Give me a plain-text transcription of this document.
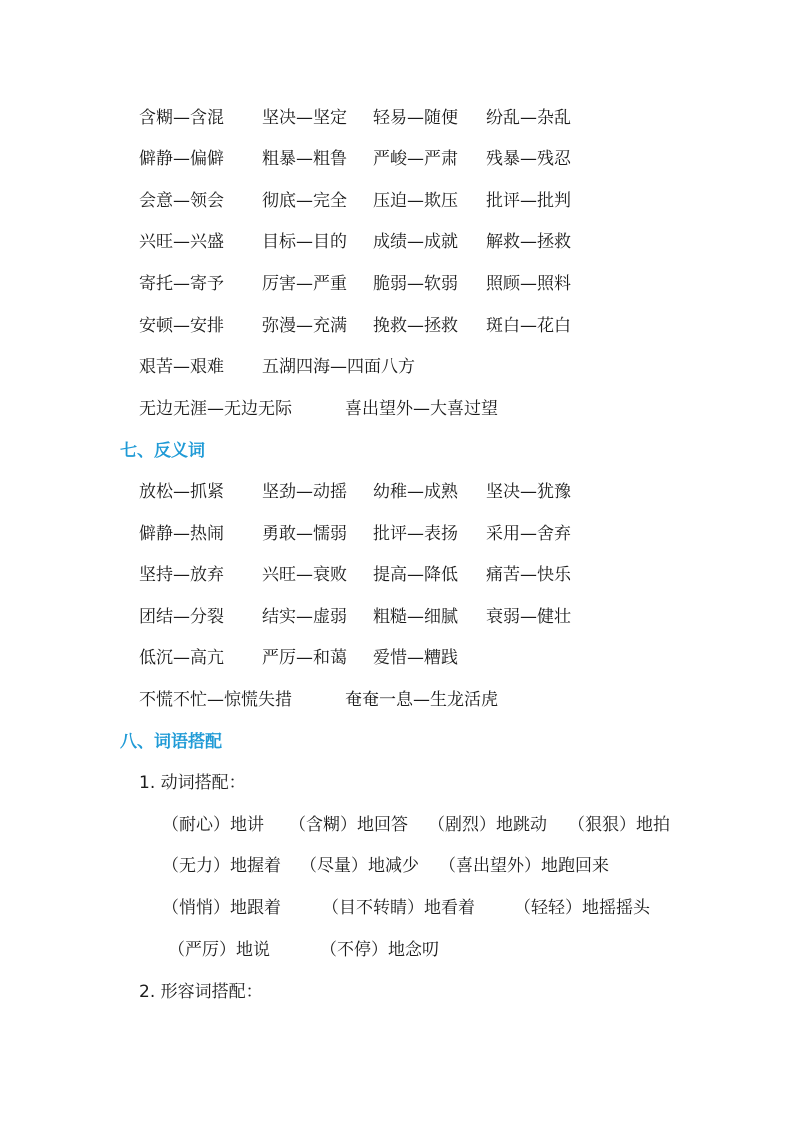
含糊—含混 坚决—坚定 轻易—随便 纷乱—杂乱
僻静—偏僻 粗暴—粗鲁 严峻—严肃 残暴—残忍
会意—领会 彻底—完全 压迫—欺压 批评—批判
兴旺—兴盛 目标—目的 成绩—成就 解救—拯救
寄托—寄予 厉害—严重 脆弱—软弱 照顾—照料
安顿—安排 弥漫—充满 挽救—拯救 斑白—花白
艰苦—艰难 五湖四海—四面八方
无边无涯—无边无际	喜出望外—大喜过望
七、反义词
放松—抓紧 坚劲—动摇 幼稚—成熟 坚决—犹豫
僻静—热闹 勇敢—懦弱 批评—表扬 采用—舍弃
坚持—放弃 兴旺—衰败 提高—降低 痛苦—快乐
团结—分裂 结实—虚弱 粗糙—细腻 衰弱—健壮
低沉—高亢 严厉—和蔼 爱惜—糟践
不慌不忙—惊慌失措	奄奄一息—生龙活虎
八、词语搭配
1. 动词搭配：
（耐心）地讲 （含糊）地回答 （剧烈）地跳动 （狠狠）地拍
（无力）地握着 （尽量）地减少 （喜出望外）地跑回来
（悄悄）地跟着 （目不转睛）地看着 （轻轻）地摇摇头
（严厉）地说	（不停）地念叨
2. 形容词搭配：
